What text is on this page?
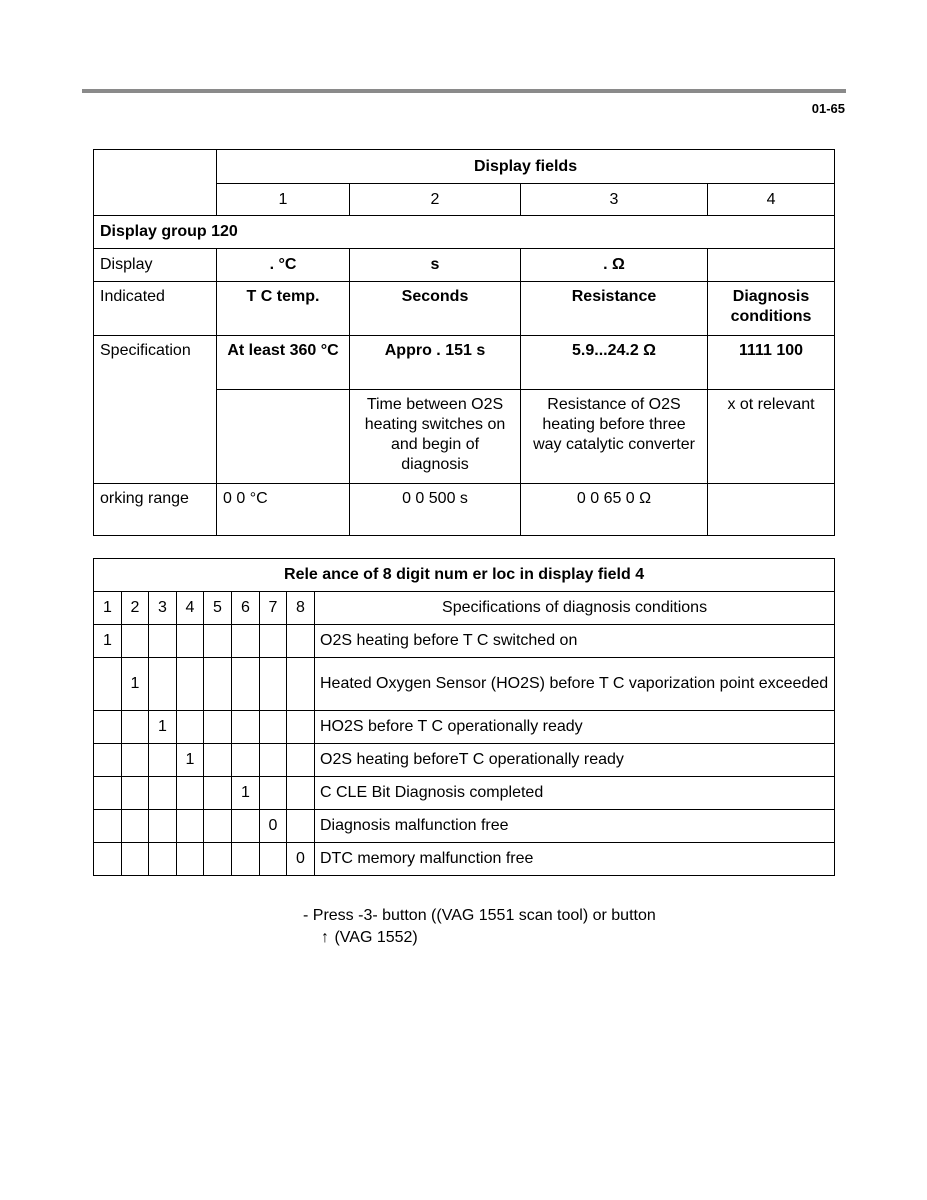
01-65
	Display fields			
	1	2	3	4
Display group 120				
Display	. °C	s	. Ω	
Indicated	T C temp.	Seconds	Resistance	Diagnosis conditions
Specification	At least 360 °C	Appro . 151 s	5.9...24.2 Ω	1111 100
		Time between O2S heating switches on and begin of diagnosis	Resistance of O2S heating before three way catalytic converter	x ot relevant
orking range	0 0 °C	0 0 500 s	0 0 65 0 Ω	
Rele ance of 8 digit num er loc in display field 4								
1	2	3	4	5	6	7	8	Specifications of diagnosis conditions
1								O2S heating before T C switched on
	1							Heated Oxygen Sensor (HO2S) before T C vaporization point exceeded
		1						HO2S before T C operationally ready
			1					O2S heating beforeT C operationally ready
					1			C CLE Bit Diagnosis completed
						0		Diagnosis malfunction free
							0	DTC memory malfunction free
- Press -3- button ((VAG 1551 scan tool) or button
↑ (VAG 1552)
